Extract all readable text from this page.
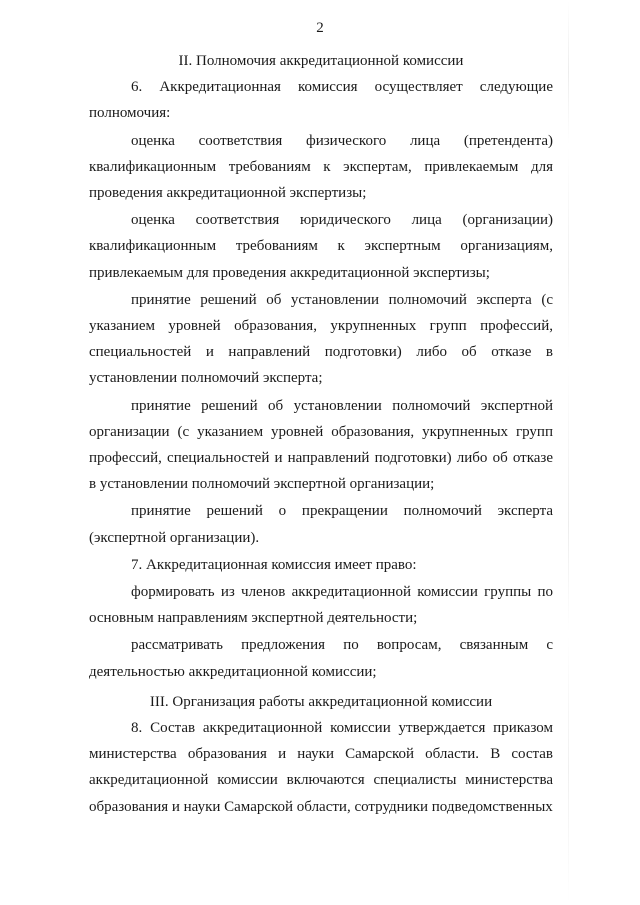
2
II. Полномочия аккредитационной комиссии

6. Аккредитационная комиссия осуществляет следующие полномочия:

оценка соответствия физического лица (претендента) квалификационным требованиям к экспертам, привлекаемым для проведения аккредитационной экспертизы;

оценка соответствия юридического лица (организации) квалификационным требованиям к экспертным организациям, привлекаемым для проведения аккредитационной экспертизы;

принятие решений об установлении полномочий эксперта (с указанием уровней образования, укрупненных групп профессий, специальностей и направлений подготовки) либо об отказе в установлении полномочий эксперта;

принятие решений об установлении полномочий экспертной организации (с указанием уровней образования, укрупненных групп профессий, специальностей и направлений подготовки) либо об отказе в установлении полномочий экспертной организации;

принятие решений о прекращении полномочий эксперта (экспертной организации).

7. Аккредитационная комиссия имеет право:

формировать из членов аккредитационной комиссии группы по основным направлениям экспертной деятельности;

рассматривать предложения по вопросам, связанным с деятельностью аккредитационной комиссии;

III. Организация работы аккредитационной комиссии

8. Состав аккредитационной комиссии утверждается приказом министерства образования и науки Самарской области. В состав аккредитационной комиссии включаются специалисты министерства образования и науки Самарской области, сотрудники подведомственных
